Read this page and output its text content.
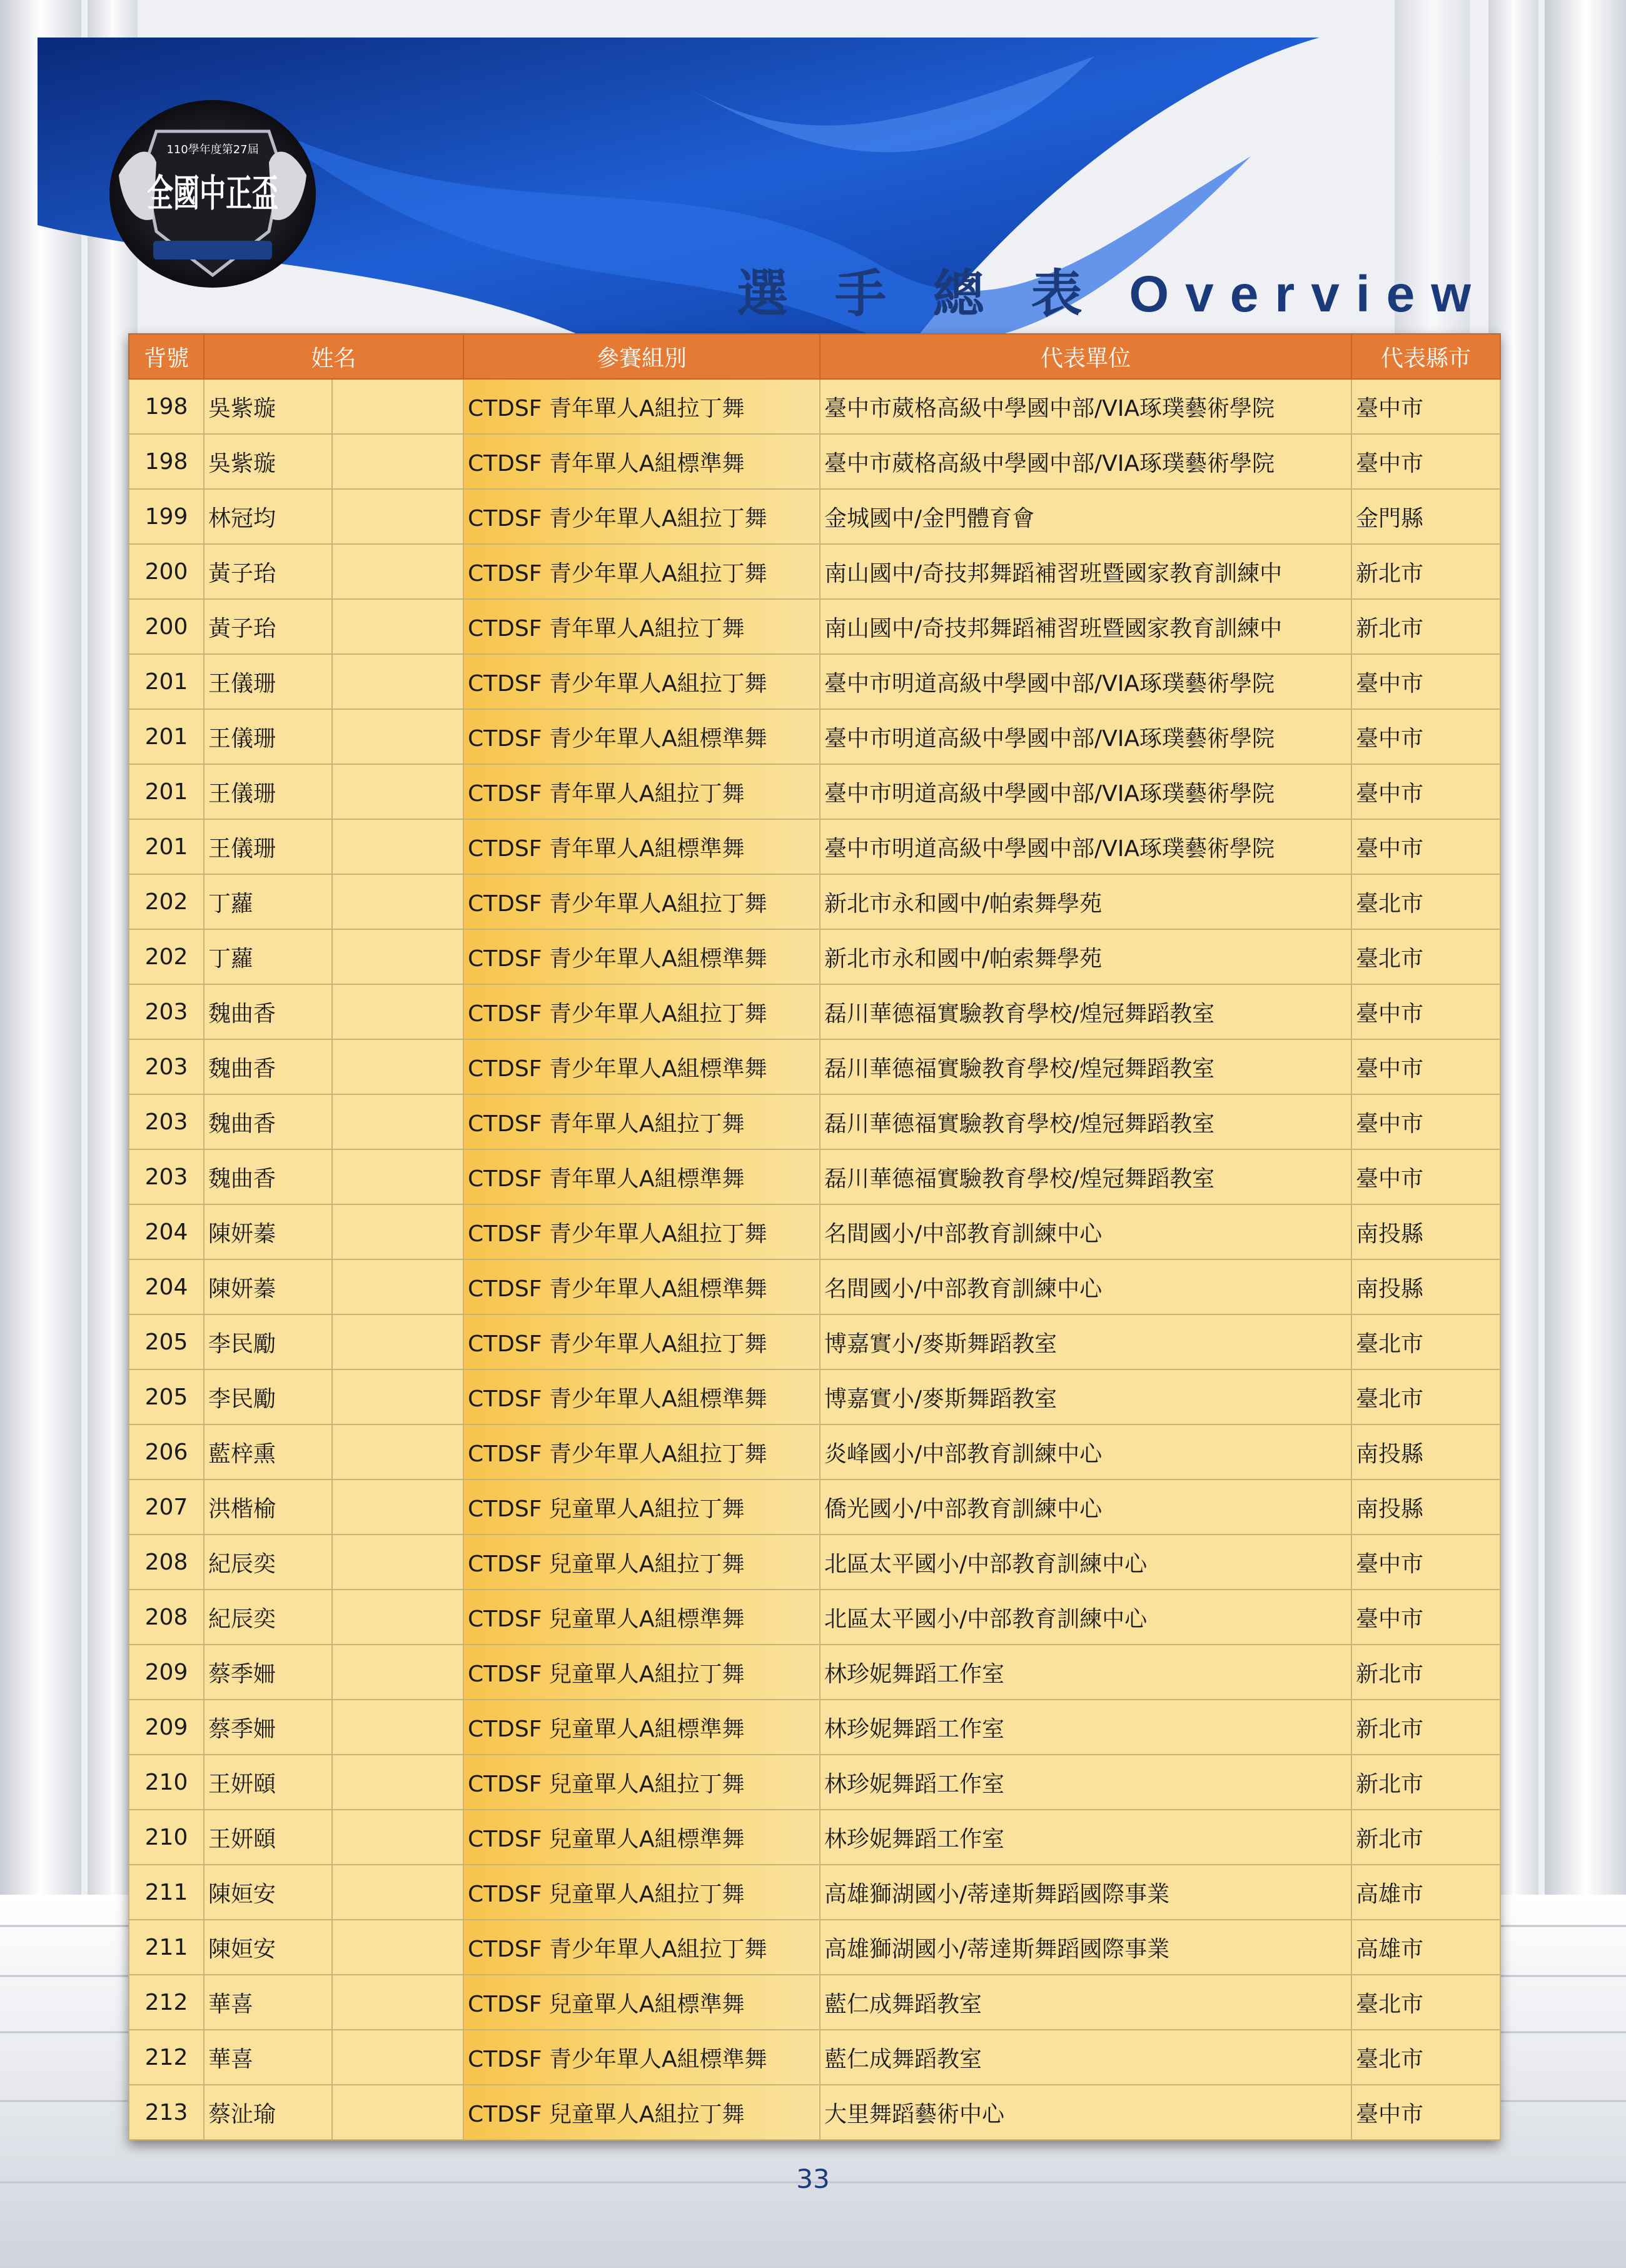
110學年度第27屆
全國中正盃
選 手 總 表 Overview
背號	姓名		參賽組別	代表單位	代表縣市
198	吳紫璇		CTDSF 青年單人A組拉丁舞	臺中市葳格高級中學國中部/VIA琢璞藝術學院	臺中市
198	吳紫璇		CTDSF 青年單人A組標準舞	臺中市葳格高級中學國中部/VIA琢璞藝術學院	臺中市
199	林冠均		CTDSF 青少年單人A組拉丁舞	金城國中/金門體育會	金門縣
200	黃子珆		CTDSF 青少年單人A組拉丁舞	南山國中/奇技邦舞蹈補習班暨國家教育訓練中	新北市
200	黃子珆		CTDSF 青年單人A組拉丁舞	南山國中/奇技邦舞蹈補習班暨國家教育訓練中	新北市
201	王儀珊		CTDSF 青少年單人A組拉丁舞	臺中市明道高級中學國中部/VIA琢璞藝術學院	臺中市
201	王儀珊		CTDSF 青少年單人A組標準舞	臺中市明道高級中學國中部/VIA琢璞藝術學院	臺中市
201	王儀珊		CTDSF 青年單人A組拉丁舞	臺中市明道高級中學國中部/VIA琢璞藝術學院	臺中市
201	王儀珊		CTDSF 青年單人A組標準舞	臺中市明道高級中學國中部/VIA琢璞藝術學院	臺中市
202	丁蘿		CTDSF 青少年單人A組拉丁舞	新北市永和國中/帕索舞學苑	臺北市
202	丁蘿		CTDSF 青少年單人A組標準舞	新北市永和國中/帕索舞學苑	臺北市
203	魏曲香		CTDSF 青少年單人A組拉丁舞	磊川華德福實驗教育學校/煌冠舞蹈教室	臺中市
203	魏曲香		CTDSF 青少年單人A組標準舞	磊川華德福實驗教育學校/煌冠舞蹈教室	臺中市
203	魏曲香		CTDSF 青年單人A組拉丁舞	磊川華德福實驗教育學校/煌冠舞蹈教室	臺中市
203	魏曲香		CTDSF 青年單人A組標準舞	磊川華德福實驗教育學校/煌冠舞蹈教室	臺中市
204	陳妍蓁		CTDSF 青少年單人A組拉丁舞	名間國小/中部教育訓練中心	南投縣
204	陳妍蓁		CTDSF 青少年單人A組標準舞	名間國小/中部教育訓練中心	南投縣
205	李民勵		CTDSF 青少年單人A組拉丁舞	博嘉實小/麥斯舞蹈教室	臺北市
205	李民勵		CTDSF 青少年單人A組標準舞	博嘉實小/麥斯舞蹈教室	臺北市
206	藍梓熏		CTDSF 青少年單人A組拉丁舞	炎峰國小/中部教育訓練中心	南投縣
207	洪楷榆		CTDSF 兒童單人A組拉丁舞	僑光國小/中部教育訓練中心	南投縣
208	紀辰奕		CTDSF 兒童單人A組拉丁舞	北區太平國小/中部教育訓練中心	臺中市
208	紀辰奕		CTDSF 兒童單人A組標準舞	北區太平國小/中部教育訓練中心	臺中市
209	蔡季姍		CTDSF 兒童單人A組拉丁舞	林珍妮舞蹈工作室	新北市
209	蔡季姍		CTDSF 兒童單人A組標準舞	林珍妮舞蹈工作室	新北市
210	王妍頤		CTDSF 兒童單人A組拉丁舞	林珍妮舞蹈工作室	新北市
210	王妍頤		CTDSF 兒童單人A組標準舞	林珍妮舞蹈工作室	新北市
211	陳姮安		CTDSF 兒童單人A組拉丁舞	高雄獅湖國小/蒂達斯舞蹈國際事業	高雄市
211	陳姮安		CTDSF 青少年單人A組拉丁舞	高雄獅湖國小/蒂達斯舞蹈國際事業	高雄市
212	華喜		CTDSF 兒童單人A組標準舞	藍仁成舞蹈教室	臺北市
212	華喜		CTDSF 青少年單人A組標準舞	藍仁成舞蹈教室	臺北市
213	蔡沚瑜		CTDSF 兒童單人A組拉丁舞	大里舞蹈藝術中心	臺中市
33
